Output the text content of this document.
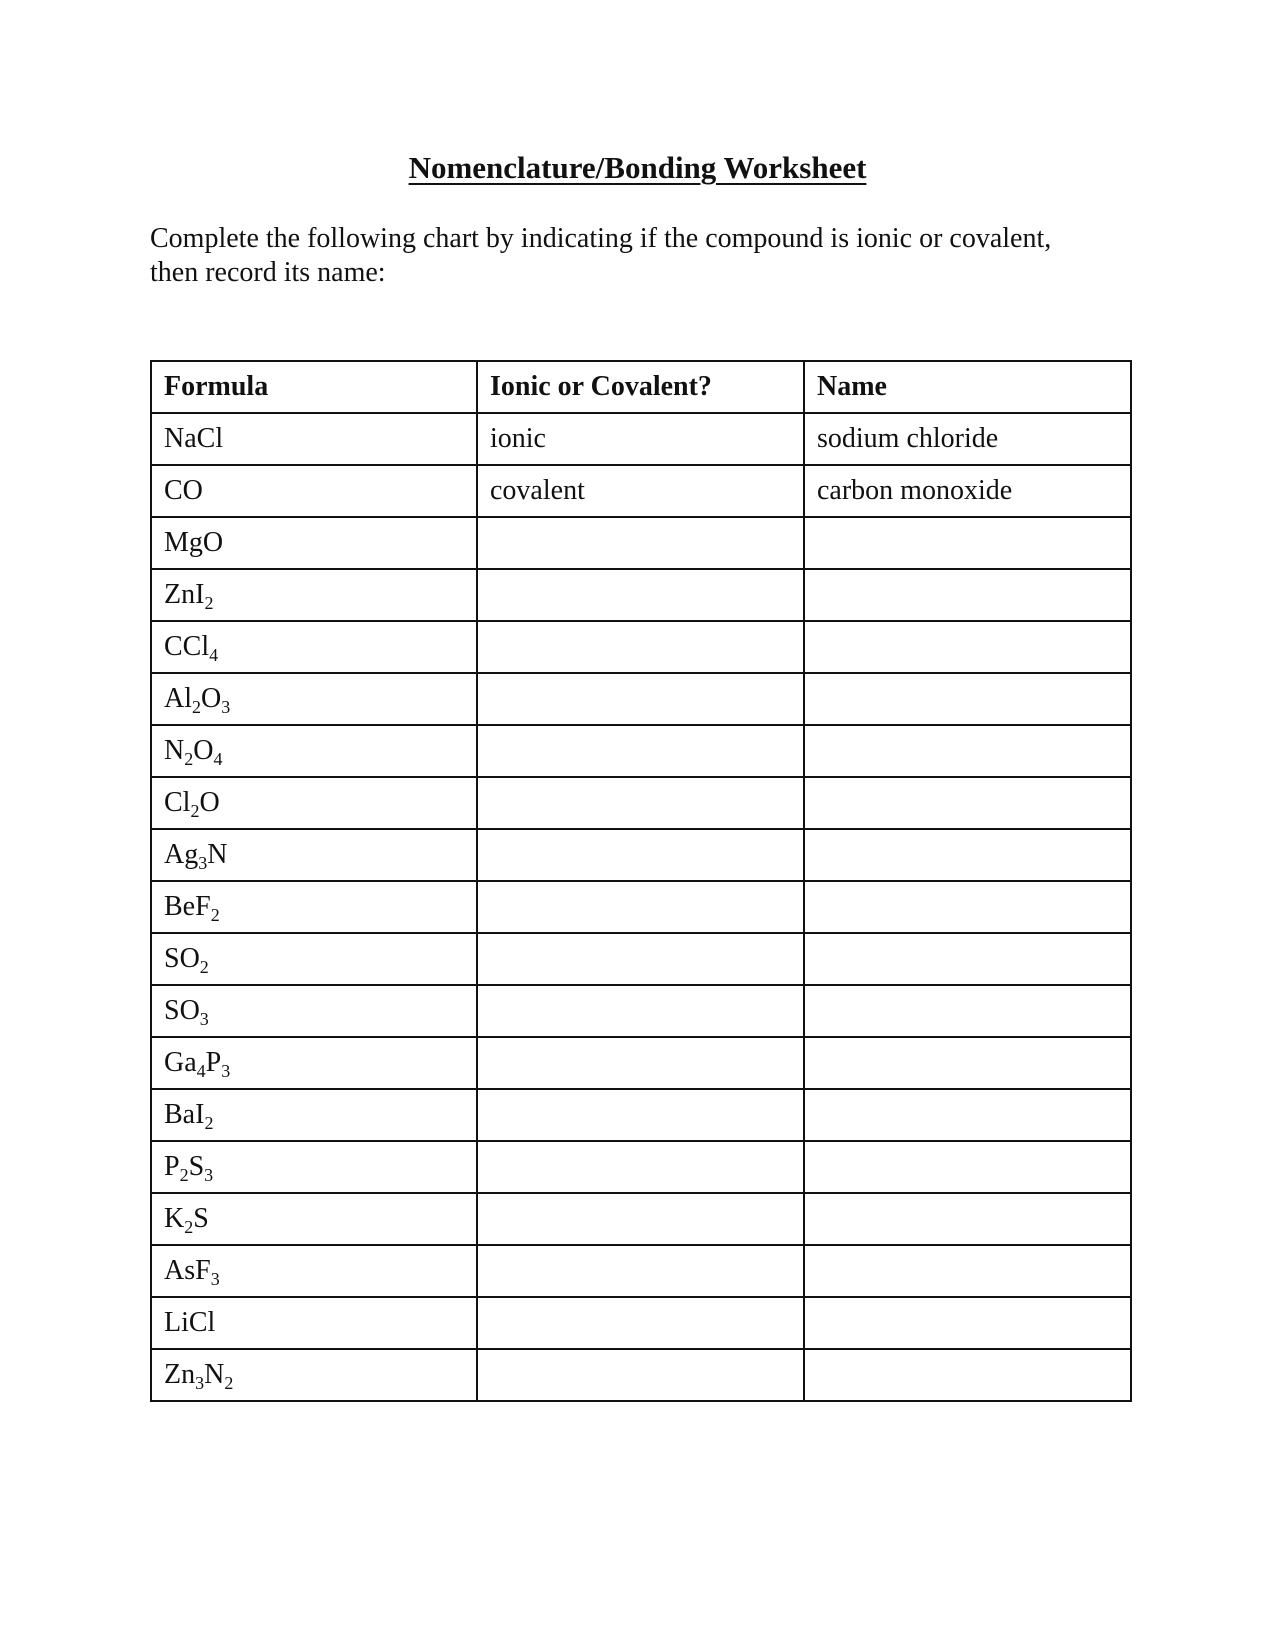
Nomenclature/Bonding Worksheet
Complete the following chart by indicating if the compound is ionic or covalent,
then record its name:
Formula	Ionic or Covalent?	Name
NaCl	ionic	sodium chloride
CO	covalent	carbon monoxide
MgO		
ZnI$_2$		
CCl$_4$		
$Al_2O_3$		
$N_2O_4$		
$Cl_2O$		
$Ag_3N$		
BeF$_2$		
$SO_2$		
$SO_3$		
$Ga_4P_3$		
BaI$_2$		
$P_2S_3$		
$K_2S$		
AsF$_3$		
LiCl		
$Zn_3N_2$		
